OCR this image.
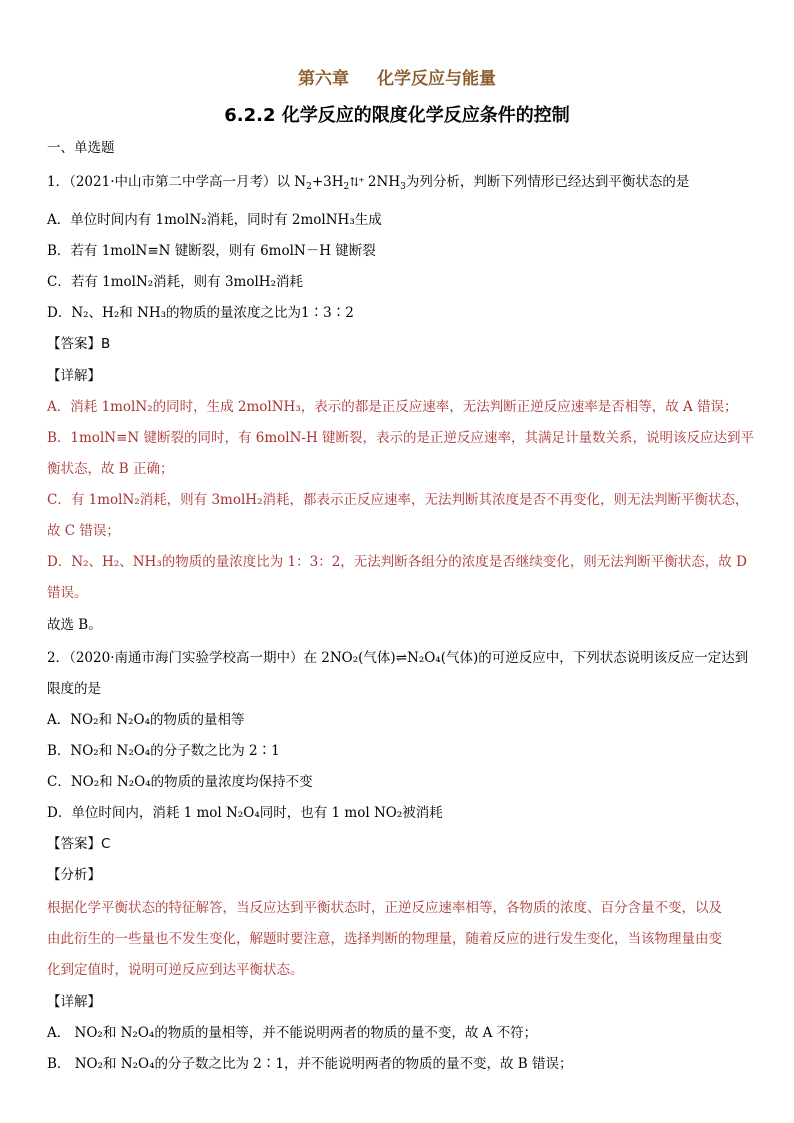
第六章 化学反应与能量
6.2.2 化学反应的限度化学反应条件的控制
一、单选题
1．（2021·中山市第二中学高一月考）以 $N_2+3H_2⇅^+$ $2NH_3$为列分析，判断下列情形已经达到平衡状态的是
A．单位时间内有 1molN₂消耗，同时有 2molNH₃生成
B．若有 1molN≡N 键断裂，则有 6molN－H 键断裂
C．若有 1molN₂消耗，则有 3molH₂消耗
D．N₂、H₂和 NH₃的物质的量浓度之比为1∶3∶2
【答案】B
【详解】
A．消耗 1molN₂的同时，生成 2molNH₃，表示的都是正反应速率，无法判断正逆反应速率是否相等，故 A 错误；
B．1molN≡N 键断裂的同时，有 6molN-H 键断裂，表示的是正逆反应速率，其满足计量数关系，说明该反应达到平
衡状态，故 B 正确；
C．有 1molN₂消耗，则有 3molH₂消耗，都表示正反应速率，无法判断其浓度是否不再变化，则无法判断平衡状态，
故 C 错误；
D．N₂、H₂、NH₃的物质的量浓度比为 1：3：2，无法判断各组分的浓度是否继续变化，则无法判断平衡状态，故 D
错误。
故选 B。
2．（2020·南通市海门实验学校高一期中）在 2NO₂(气体)⇌N₂O₄(气体)的可逆反应中，下列状态说明该反应一定达到
限度的是
A．NO₂和 N₂O₄的物质的量相等
B．NO₂和 N₂O₄的分子数之比为 2∶1
C．NO₂和 N₂O₄的物质的量浓度均保持不变
D．单位时间内，消耗 1 mol N₂O₄同时，也有 1 mol NO₂被消耗
【答案】C
【分析】
根据化学平衡状态的特征解答，当反应达到平衡状态时，正逆反应速率相等，各物质的浓度、百分含量不变，以及
由此衍生的一些量也不发生变化，解题时要注意，选择判断的物理量，随着反应的进行发生变化，当该物理量由变
化到定值时，说明可逆反应到达平衡状态。
【详解】
A． NO₂和 N₂O₄的物质的量相等，并不能说明两者的物质的量不变，故 A 不符；
B． NO₂和 N₂O₄的分子数之比为 2∶1，并不能说明两者的物质的量不变，故 B 错误；
